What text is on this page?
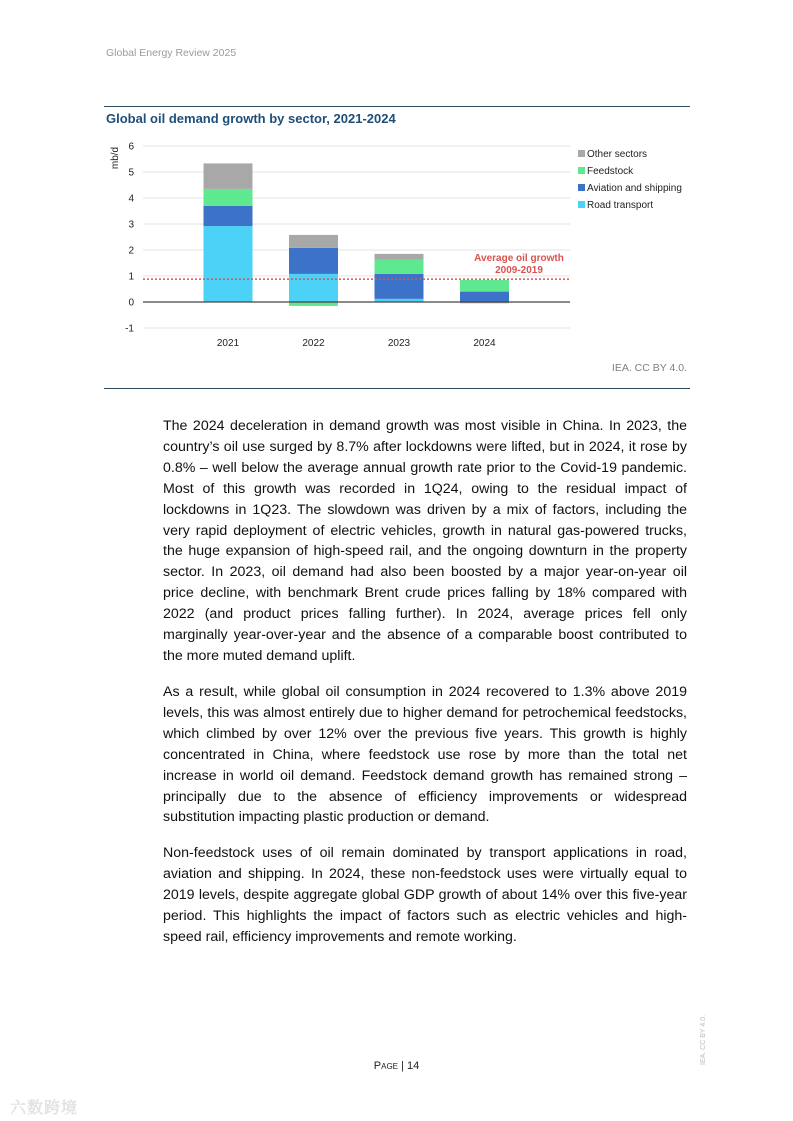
Global Energy Review 2025
Global oil demand growth by sector, 2021-2024
-1
0
1
2
3
4
5
6
mb/d
Average oil growth
2009-2019
2021	2022	2023	2024
Other sectors
Feedstock
Aviation and shipping
Road transport
IEA. CC BY 4.0.
The 2024 deceleration in demand growth was most visible in China. In 2023, the country’s oil use surged by 8.7% after lockdowns were lifted, but in 2024, it rose by 0.8% – well below the average annual growth rate prior to the Covid-19 pandemic. Most of this growth was recorded in 1Q24, owing to the residual impact of lockdowns in 1Q23. The slowdown was driven by a mix of factors, including the very rapid deployment of electric vehicles, growth in natural gas-powered trucks, the huge expansion of high-speed rail, and the ongoing downturn in the property sector. In 2023, oil demand had also been boosted by a major year-on-year oil price decline, with benchmark Brent crude prices falling by 18% compared with 2022 (and product prices falling further). In 2024, average prices fell only marginally year-over-year and the absence of a comparable boost contributed to the more muted demand uplift.
As a result, while global oil consumption in 2024 recovered to 1.3% above 2019 levels, this was almost entirely due to higher demand for petrochemical feedstocks, which climbed by over 12% over the previous five years. This growth is highly concentrated in China, where feedstock use rose by more than the total net increase in world oil demand. Feedstock demand growth has remained strong – principally due to the absence of efficiency improvements or widespread substitution impacting plastic production or demand.
Non-feedstock uses of oil remain dominated by transport applications in road, aviation and shipping. In 2024, these non-feedstock uses were virtually equal to 2019 levels, despite aggregate global GDP growth of about 14% over this five-year period. This highlights the impact of factors such as electric vehicles and high-speed rail, efficiency improvements and remote working.
Page | 14
IEA. CC BY 4.0.
六数跨境
